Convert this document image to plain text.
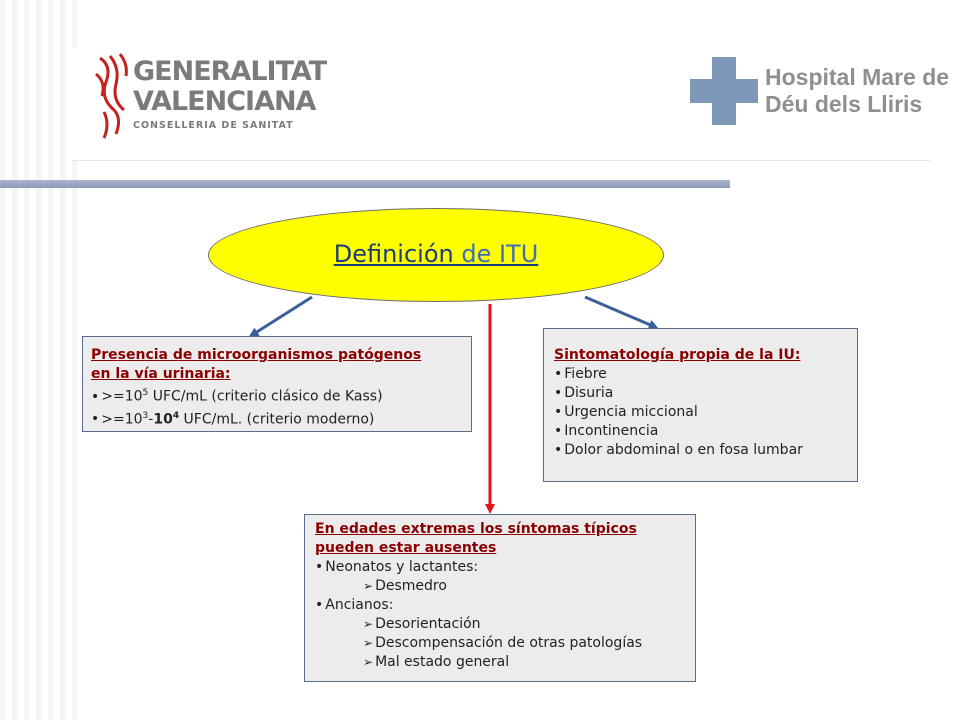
GENERALITAT
VALENCIANA
CONSELLERIA DE SANITAT
Hospital Mare de
Déu dels Lliris
Definición de ITU
Presencia de microorganismos patógenos
en la vía urinaria:
• $>=10^5$ UFC/mL (criterio clásico de Kass)
• $>=10^3-10^4$ UFC/mL. (criterio moderno)
Sintomatología propia de la IU:
• Fiebre
• Disuria
• Urgencia miccional
• Incontinencia
• Dolor abdominal o en fosa lumbar
En edades extremas los síntomas típicos
pueden estar ausentes
• Neonatos y lactantes:
➢ Desmedro
• Ancianos:
➢ Desorientación
➢ Descompensación de otras patologías
➢ Mal estado general
